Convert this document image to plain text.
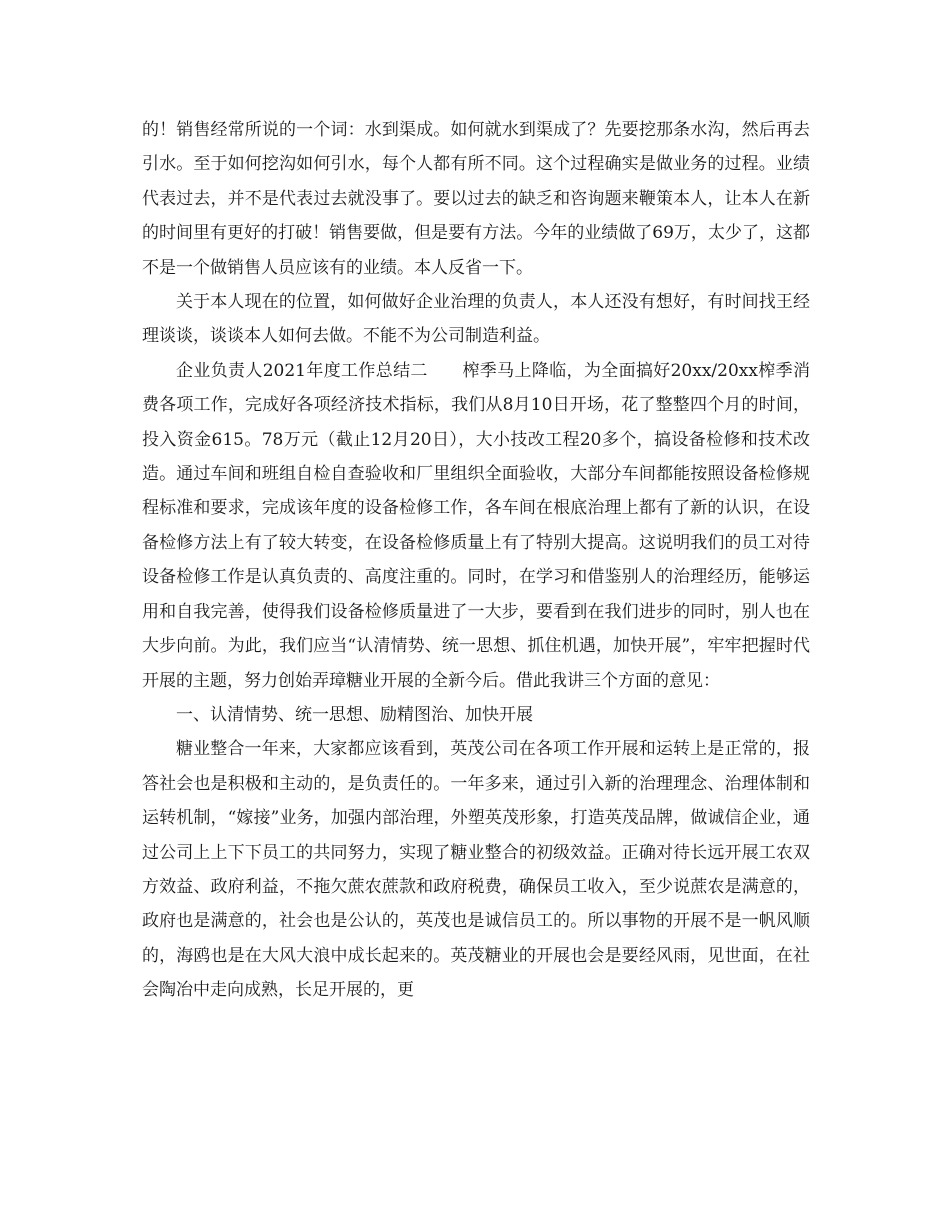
的！销售经常所说的一个词：水到渠成。如何就水到渠成了？先要挖那条水沟，然后再去引水。至于如何挖沟如何引水，每个人都有所不同。这个过程确实是做业务的过程。业绩代表过去，并不是代表过去就没事了。要以过去的缺乏和咨询题来鞭策本人，让本人在新的时间里有更好的打破！销售要做，但是要有方法。今年的业绩做了69万，太少了，这都不是一个做销售人员应该有的业绩。本人反省一下。

关于本人现在的位置，如何做好企业治理的负责人，本人还没有想好，有时间找王经理谈谈，谈谈本人如何去做。不能不为公司制造利益。

企业负责人2021年度工作总结二　　榨季马上降临，为全面搞好20xx/20xx榨季消费各项工作，完成好各项经济技术指标，我们从8月10日开场，花了整整四个月的时间，投入资金615。78万元（截止12月20日），大小技改工程20多个，搞设备检修和技术改造。通过车间和班组自检自查验收和厂里组织全面验收，大部分车间都能按照设备检修规程标准和要求，完成该年度的设备检修工作，各车间在根底治理上都有了新的认识，在设备检修方法上有了较大转变，在设备检修质量上有了特别大提高。这说明我们的员工对待设备检修工作是认真负责的、高度注重的。同时，在学习和借鉴别人的治理经历，能够运用和自我完善，使得我们设备检修质量进了一大步，要看到在我们进步的同时，别人也在大步向前。为此，我们应当“认清情势、统一思想、抓住机遇，加快开展”，牢牢把握时代开展的主题，努力创始弄璋糖业开展的全新今后。借此我讲三个方面的意见：

一、认清情势、统一思想、励精图治、加快开展

糖业整合一年来，大家都应该看到，英茂公司在各项工作开展和运转上是正常的，报答社会也是积极和主动的，是负责任的。一年多来，通过引入新的治理理念、治理体制和运转机制，“嫁接”业务，加强内部治理，外塑英茂形象，打造英茂品牌，做诚信企业，通过公司上上下下员工的共同努力，实现了糖业整合的初级效益。正确对待长远开展工农双方效益、政府利益，不拖欠蔗农蔗款和政府税费，确保员工收入，至少说蔗农是满意的，政府也是满意的，社会也是公认的，英茂也是诚信员工的。所以事物的开展不是一帆风顺的，海鸥也是在大风大浪中成长起来的。英茂糖业的开展也会是要经风雨，见世面，在社会陶冶中走向成熟，长足开展的，更
